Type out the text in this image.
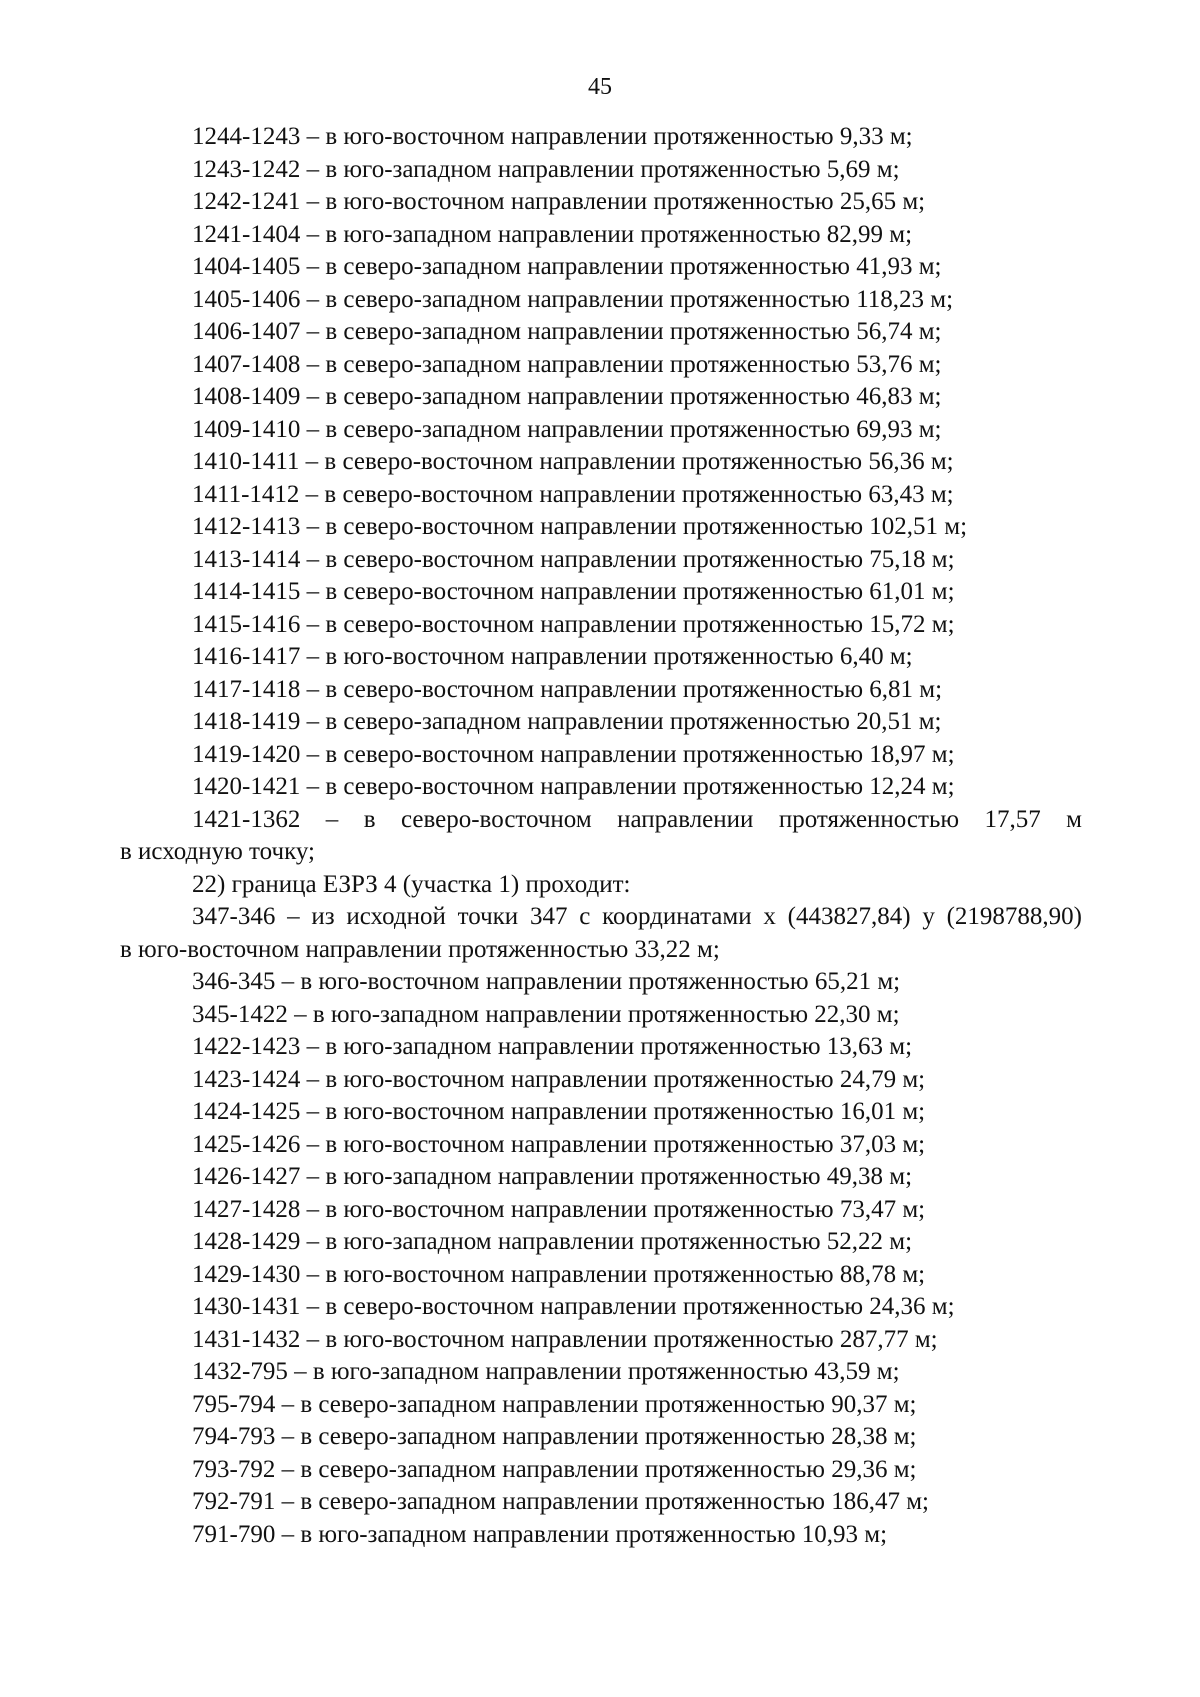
45
1244-1243 – в юго-восточном направлении протяженностью 9,33 м;
1243-1242 – в юго-западном направлении протяженностью 5,69 м;
1242-1241 – в юго-восточном направлении протяженностью 25,65 м;
1241-1404 – в юго-западном направлении протяженностью 82,99 м;
1404-1405 – в северо-западном направлении протяженностью 41,93 м;
1405-1406 – в северо-западном направлении протяженностью 118,23 м;
1406-1407 – в северо-западном направлении протяженностью 56,74 м;
1407-1408 – в северо-западном направлении протяженностью 53,76 м;
1408-1409 – в северо-западном направлении протяженностью 46,83 м;
1409-1410 – в северо-западном направлении протяженностью 69,93 м;
1410-1411 – в северо-восточном направлении протяженностью 56,36 м;
1411-1412 – в северо-восточном направлении протяженностью 63,43 м;
1412-1413 – в северо-восточном направлении протяженностью 102,51 м;
1413-1414 – в северо-восточном направлении протяженностью 75,18 м;
1414-1415 – в северо-восточном направлении протяженностью 61,01 м;
1415-1416 – в северо-восточном направлении протяженностью 15,72 м;
1416-1417 – в юго-восточном направлении протяженностью 6,40 м;
1417-1418 – в северо-восточном направлении протяженностью 6,81 м;
1418-1419 – в северо-западном направлении протяженностью 20,51 м;
1419-1420 – в северо-восточном направлении протяженностью 18,97 м;
1420-1421 – в северо-восточном направлении протяженностью 12,24 м;
1421-1362 – в северо-восточном направлении протяженностью 17,57 м
в исходную точку;
22) граница ЕЗРЗ 4 (участка 1) проходит:
347-346 – из исходной точки 347 с координатами x (443827,84) y (2198788,90)
в юго-восточном направлении протяженностью 33,22 м;
346-345 – в юго-восточном направлении протяженностью 65,21 м;
345-1422 – в юго-западном направлении протяженностью 22,30 м;
1422-1423 – в юго-западном направлении протяженностью 13,63 м;
1423-1424 – в юго-восточном направлении протяженностью 24,79 м;
1424-1425 – в юго-восточном направлении протяженностью 16,01 м;
1425-1426 – в юго-восточном направлении протяженностью 37,03 м;
1426-1427 – в юго-западном направлении протяженностью 49,38 м;
1427-1428 – в юго-восточном направлении протяженностью 73,47 м;
1428-1429 – в юго-западном направлении протяженностью 52,22 м;
1429-1430 – в юго-восточном направлении протяженностью 88,78 м;
1430-1431 – в северо-восточном направлении протяженностью 24,36 м;
1431-1432 – в юго-восточном направлении протяженностью 287,77 м;
1432-795 – в юго-западном направлении протяженностью 43,59 м;
795-794 – в северо-западном направлении протяженностью 90,37 м;
794-793 – в северо-западном направлении протяженностью 28,38 м;
793-792 – в северо-западном направлении протяженностью 29,36 м;
792-791 – в северо-западном направлении протяженностью 186,47 м;
791-790 – в юго-западном направлении протяженностью 10,93 м;
